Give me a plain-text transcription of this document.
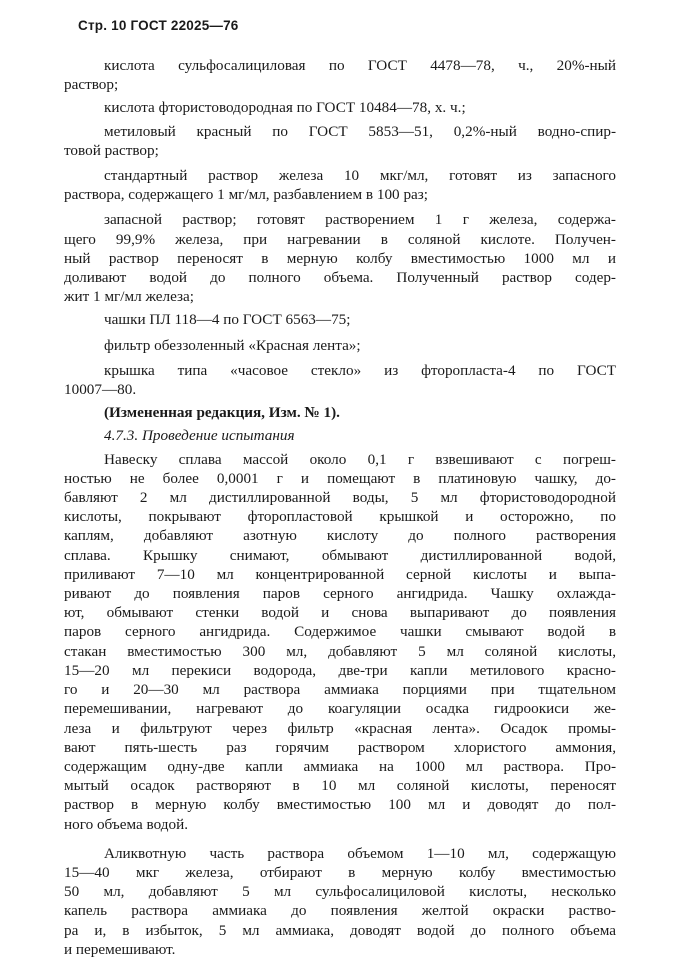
Стр. 10 ГОСТ 22025—76
кислота сульфосалициловая по ГОСТ 4478—78, ч., 20%-ный
раствор;
кислота фтористоводородная по ГОСТ 10484—78, х. ч.;
метиловый красный по ГОСТ 5853—51, 0,2%-ный водно-спир-
товой раствор;
стандартный раствор железа 10 мкг/мл, готовят из запасного
раствора, содержащего 1 мг/мл, разбавлением в 100 раз;
запасной раствор; готовят растворением 1 г железа, содержа-
щего 99,9% железа, при нагревании в соляной кислоте. Получен-
ный раствор переносят в мерную колбу вместимостью 1000 мл и
доливают водой до полного объема. Полученный раствор содер-
жит 1 мг/мл железа;
чашки ПЛ 118—4 по ГОСТ 6563—75;
фильтр обеззоленный «Красная лента»;
крышка типа «часовое стекло» из фторопласта-4 по ГОСТ
10007—80.
(Измененная редакция, Изм. № 1).
4.7.3. Проведение испытания
Навеску сплава массой около 0,1 г взвешивают с погреш-
ностью не более 0,0001 г и помещают в платиновую чашку, до-
бавляют 2 мл дистиллированной воды, 5 мл фтористоводородной
кислоты, покрывают фторопластовой крышкой и осторожно, по
каплям, добавляют азотную кислоту до полного растворения
сплава. Крышку снимают, обмывают дистиллированной водой,
приливают 7—10 мл концентрированной серной кислоты и выпа-
ривают до появления паров серного ангидрида. Чашку охлажда-
ют, обмывают стенки водой и снова выпаривают до появления
паров серного ангидрида. Содержимое чашки смывают водой в
стакан вместимостью 300 мл, добавляют 5 мл соляной кислоты,
15—20 мл перекиси водорода, две-три капли метилового красно-
го и 20—30 мл раствора аммиака порциями при тщательном
перемешивании, нагревают до коагуляции осадка гидроокиси же-
леза и фильтруют через фильтр «красная лента». Осадок промы-
вают пять-шесть раз горячим раствором хлористого аммония,
содержащим одну-две капли аммиака на 1000 мл раствора. Про-
мытый осадок растворяют в 10 мл соляной кислоты, переносят
раствор в мерную колбу вместимостью 100 мл и доводят до пол-
ного объема водой.
Аликвотную часть раствора объемом 1—10 мл, содержащую
15—40 мкг железа, отбирают в мерную колбу вместимостью
50 мл, добавляют 5 мл сульфосалициловой кислоты, несколько
капель раствора аммиака до появления желтой окраски раство-
ра и, в избыток, 5 мл аммиака, доводят водой до полного объема
и перемешивают.
